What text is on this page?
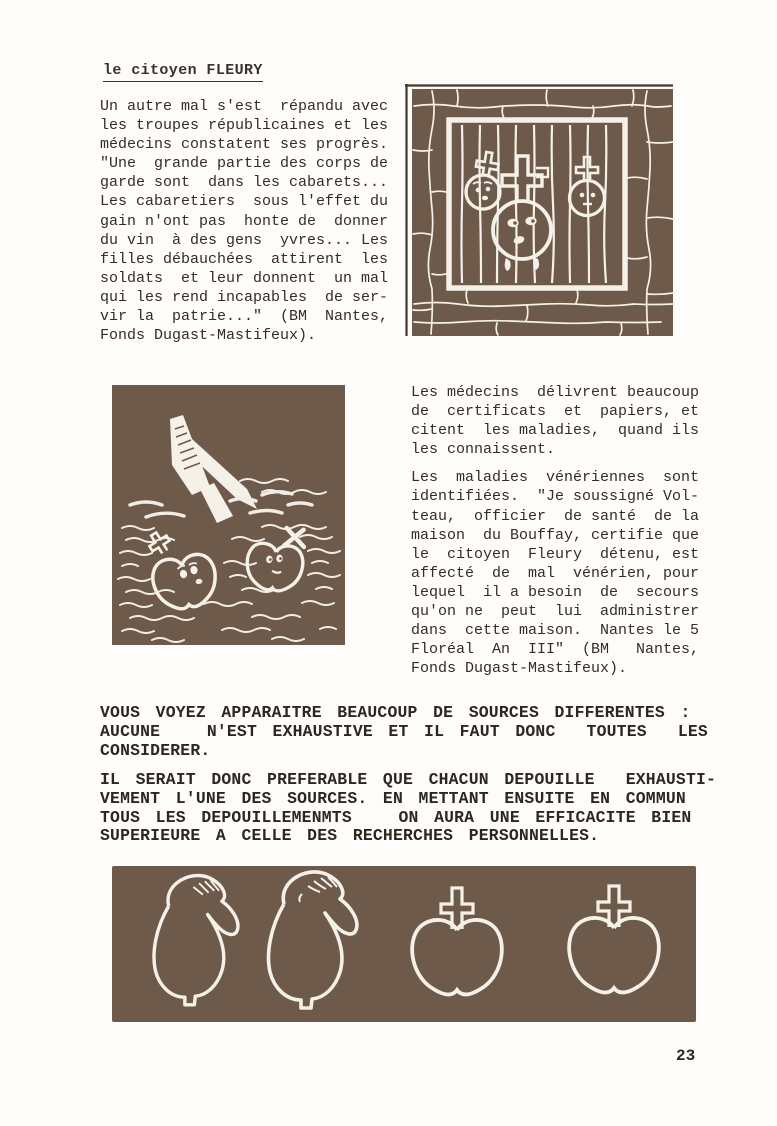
le citoyen FLEURY
Un autre mal s'est  répandu avec
les troupes républicaines et les
médecins constatent ses progrès.
"Une  grande partie des corps de
garde sont  dans les cabarets...
Les cabaretiers  sous l'effet du
gain n'ont pas  honte de  donner
du vin  à des gens  yvres... Les
filles débauchées  attirent  les
soldats  et leur donnent  un mal
qui les rend incapables  de ser-
vir la  patrie..."  (BM  Nantes,
Fonds Dugast-Mastifeux).
Les médecins  délivrent beaucoup
de  certificats  et  papiers, et
citent  les maladies,  quand ils
les connaissent.
Les  maladies  vénériennes  sont
identifiées.  "Je soussigné Vol-
teau,  officier  de santé  de la
maison  du Bouffay, certifie que
le  citoyen  Fleury  détenu, est
affecté  de  mal  vénérien, pour
lequel  il a besoin  de  secours
qu'on ne  peut  lui  administrer
dans  cette maison.  Nantes le 5
Floréal  An  III"  (BM   Nantes,
Fonds Dugast-Mastifeux).
VOUS VOYEZ APPARAITRE BEAUCOUP DE SOURCES DIFFERENTES :
AUCUNE   N'EST EXHAUSTIVE ET IL FAUT DONC  TOUTES  LES
CONSIDERER.
IL SERAIT DONC PREFERABLE QUE CHACUN DEPOUILLE  EXHAUSTI-
VEMENT L'UNE DES SOURCES. EN METTANT ENSUITE EN COMMUN
TOUS LES DEPOUILLEMENMTS   ON AURA UNE EFFICACITE BIEN
SUPERIEURE A CELLE DES RECHERCHES PERSONNELLES.
23
